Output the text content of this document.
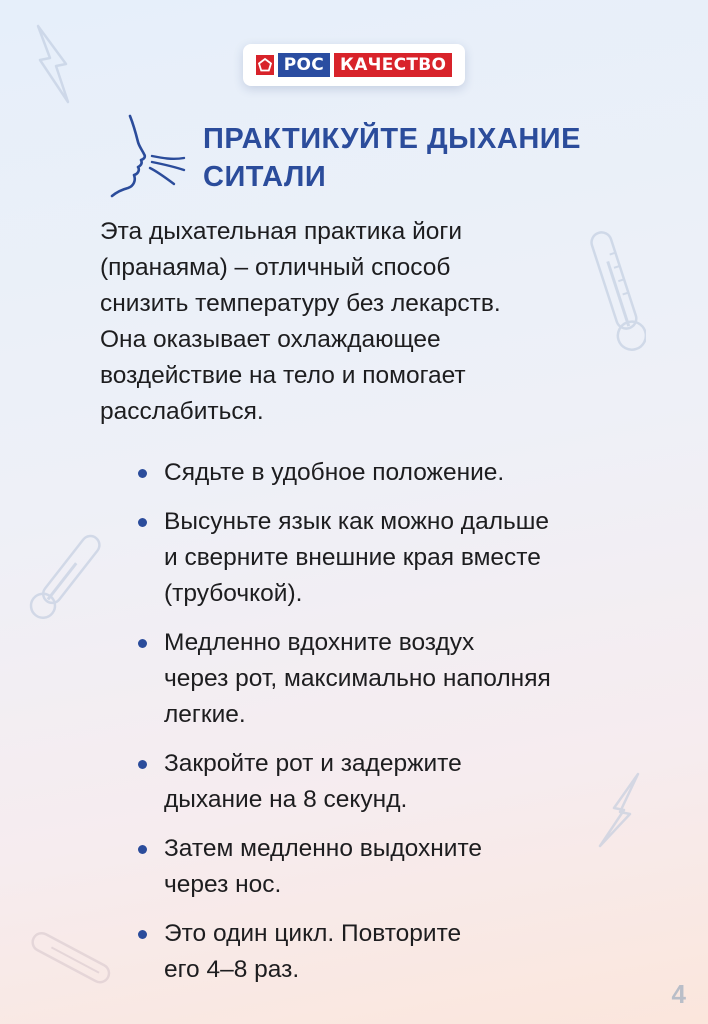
РОС КАЧЕСТВО
ПРАКТИКУЙТЕ ДЫХАНИЕ
СИТАЛИ
Эта дыхательная практика йоги
(пранаяма) – отличный способ
снизить температуру без лекарств.
Она оказывает охлаждающее
воздействие на тело и помогает
расслабиться.
Сядьте в удобное положение.
Высуньте язык как можно дальше
и сверните внешние края вместе
(трубочкой).
Медленно вдохните воздух
через рот, максимально наполняя
легкие.
Закройте рот и задержите
дыхание на 8 секунд.
Затем медленно выдохните
через нос.
Это один цикл. Повторите
его 4–8 раз.
4
